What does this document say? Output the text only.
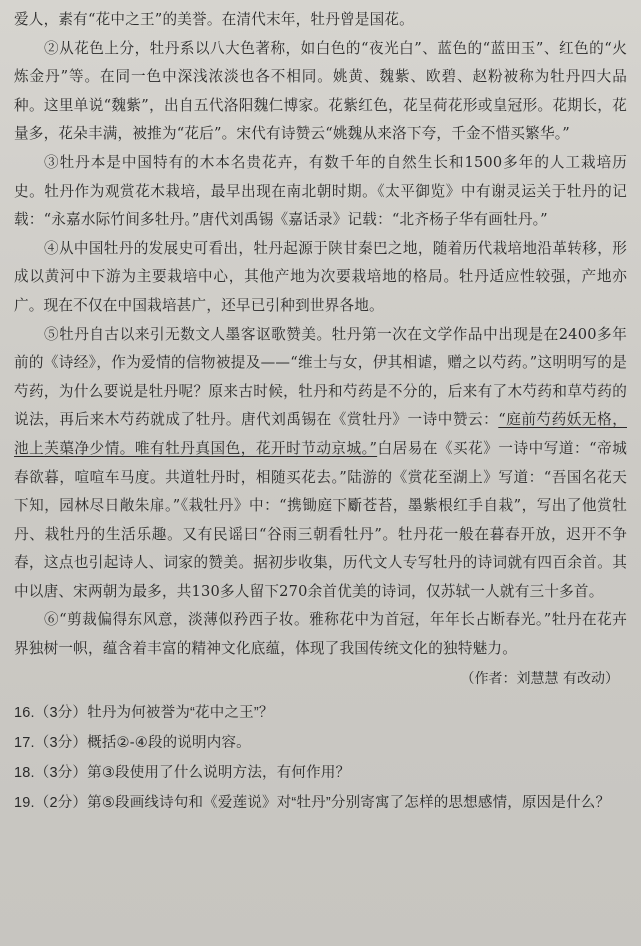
爱人，素有“花中之王”的美誉。在清代末年，牡丹曾是国花。

②从花色上分，牡丹系以八大色著称，如白色的“夜光白”、蓝色的“蓝田玉”、红色的“火炼金丹”等。在同一色中深浅浓淡也各不相同。姚黄、魏紫、欧碧、赵粉被称为牡丹四大品种。这里单说“魏紫”，出自五代洛阳魏仁博家。花紫红色，花呈荷花形或皇冠形。花期长，花量多，花朵丰满，被推为“花后”。宋代有诗赞云“姚魏从来洛下夸，千金不惜买繁华。”

③牡丹本是中国特有的木本名贵花卉，有数千年的自然生长和1500多年的人工栽培历史。牡丹作为观赏花木栽培，最早出现在南北朝时期。《太平御览》中有谢灵运关于牡丹的记载：“永嘉水际竹间多牡丹。”唐代刘禹锡《嘉话录》记载：“北齐杨子华有画牡丹。”

④从中国牡丹的发展史可看出，牡丹起源于陕甘秦巴之地，随着历代栽培地沿革转移，形成以黄河中下游为主要栽培中心，其他产地为次要栽培地的格局。牡丹适应性较强，产地亦广。现在不仅在中国栽培甚广，还早已引种到世界各地。

⑤牡丹自古以来引无数文人墨客讴歌赞美。牡丹第一次在文学作品中出现是在2400多年前的《诗经》，作为爱情的信物被提及——“维士与女，伊其相谑，赠之以芍药。”这明明写的是芍药，为什么要说是牡丹呢？原来古时候，牡丹和芍药是不分的，后来有了木芍药和草芍药的说法，再后来木芍药就成了牡丹。唐代刘禹锡在《赏牡丹》一诗中赞云：“庭前芍药妖无格，池上芙蕖净少情。唯有牡丹真国色，花开时节动京城。”白居易在《买花》一诗中写道：“帝城春欲暮，喧喧车马度。共道牡丹时，相随买花去。”陆游的《赏花至湖上》写道：“吾国名花天下知，园林尽日敞朱扉。”《栽牡丹》中：“携锄庭下斸苍苔，墨紫根红手自栽”，写出了他赏牡丹、栽牡丹的生活乐趣。又有民谣曰“谷雨三朝看牡丹”。牡丹花一般在暮春开放，迟开不争春，这点也引起诗人、词家的赞美。据初步收集，历代文人专写牡丹的诗词就有四百余首。其中以唐、宋两朝为最多，共130多人留下270余首优美的诗词，仅苏轼一人就有三十多首。

⑥“剪裁偏得东风意，淡薄似矜西子妆。雅称花中为首冠，年年长占断春光。”牡丹在花卉界独树一帜，蕴含着丰富的精神文化底蕴，体现了我国传统文化的独特魅力。

（作者：刘慧慧 有改动）

16.（3分）牡丹为何被誉为“花中之王”？

17.（3分）概括②-④段的说明内容。

18.（3分）第③段使用了什么说明方法，有何作用？

19.（2分）第⑤段画线诗句和《爱莲说》对“牡丹”分别寄寓了怎样的思想感情，原因是什么？
